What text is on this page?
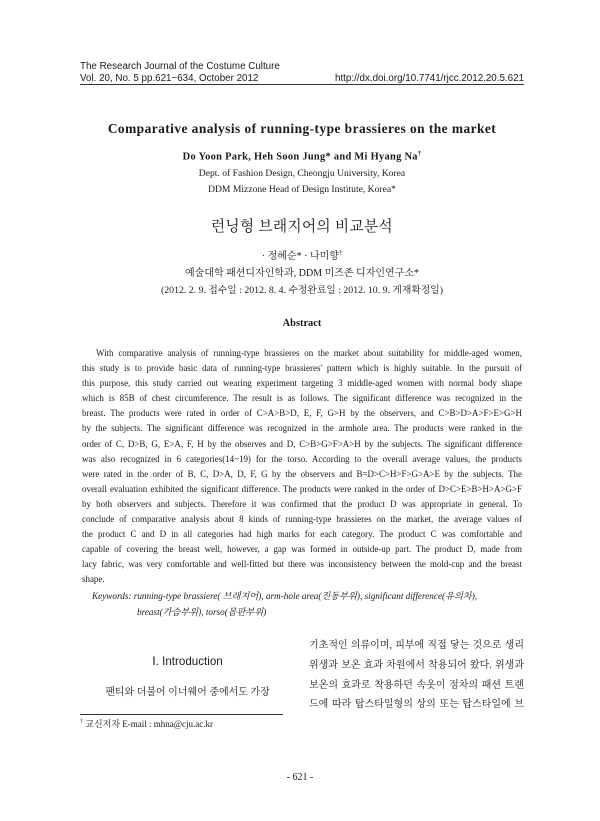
The Research Journal of the Costume Culture
Vol. 20, No. 5 pp.621~634, October 2012	http://dx.doi.org/10.7741/rjcc.2012.20.5.621
Comparative analysis of running-type brassieres on the market
Do Yoon Park, Heh Soon Jung* and Mi Hyang Na†
Dept. of Fashion Design, Cheongju University, Korea
DDM Mizzone Head of Design Institute, Korea*
런닝형 브래지어의 비교분석
· 정혜순* · 나미향†
예술대학 패션디자인학과, DDM 미즈존 디자인연구소*
(2012. 2. 9. 접수일 : 2012. 8. 4. 수정완료일 : 2012. 10. 9. 게재확정일)
Abstract
With comparative analysis of running-type brassieres on the market about suitability for middle-aged women,
this study is to provide basic data of running-type brassieres' pattern which is highly suitable. In the pursuit of
this purpose, this study carried out wearing experiment targeting 3 middle-aged women with normal body shape
which is 85B of chest circumference. The result is as follows. The significant difference was recognized in the
breast. The products were rated in order of C>A>B>D, E, F, G>H by the observers, and C>B>D>A>F>E>G>H
by the subjects. The significant difference was recognized in the armhole area. The products were ranked in the
order of C, D>B, G, E>A, F, H by the observes and D, C>B>G>F>A>H by the subjects. The significant difference
was also recognized in 6 categories(14~19) for the torso. According to the overall average values, the products
were rated in the order of B, C, D>A, D, F, G by the observers and B=D>C>H>F>G>A>E by the subjects. The
overall evaluation exhibited the significant difference. The products were ranked in the order of D>C>E>B>H>A>G>F
by both observers and subjects. Therefore it was confirmed that the product D was appropriate in general. To
conclude of comparative analysis about 8 kinds of running-type brassieres on the market, the average values of
the product C and D in all categories had high marks for each category. The product C was comfortable and
capable of covering the breast well, however, a gap was formed in outside-up part. The product D, made from
lacy fabric, was very comfortable and well-fitted but there was inconsistency between the mold-cup and the breast
shape.
Keywords: running-type brassiere( 브래지어), arm-hole area(진동부위), significant difference(유의차),
breast(가슴부위), torso(몸판부위)
Ⅰ. Introduction
팬티와 더불어 이너웨어 중에서도 가장
기초적인 의류이며, 피부에 직접 닿는 것으로 생리
위생과 보온 효과 차원에서 착용되어 왔다. 위생과
보온의 효과로 착용하던 속옷이 점차의 패션 트랜
드에 따라 탑스타일형의 상의 또는 탑스타일에 브
† 교신저자 E-mail : mhna@cju.ac.kr
- 621 -
